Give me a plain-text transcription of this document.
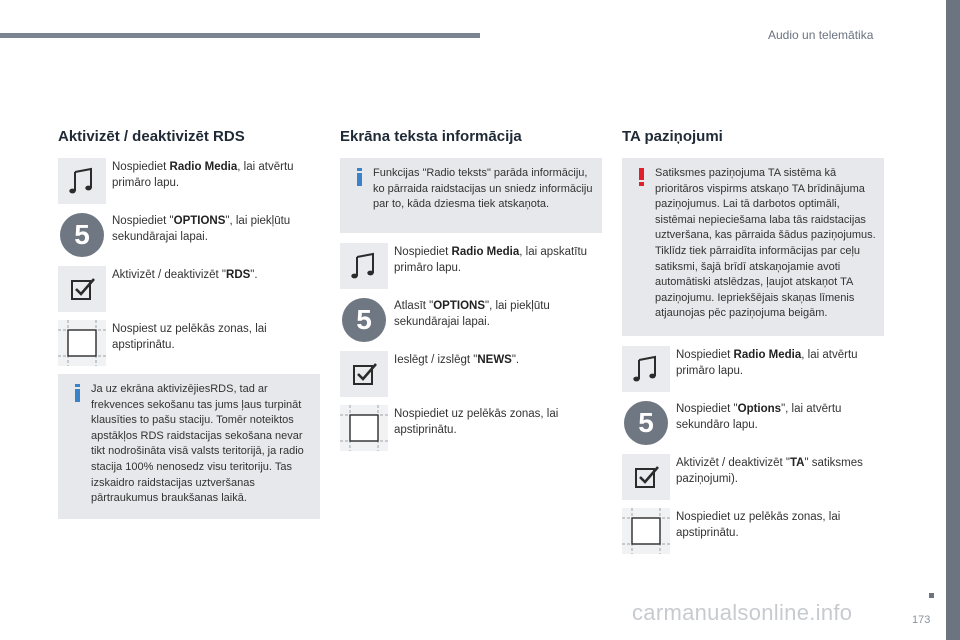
Audio un telemātika
Aktivizēt / deaktivizēt RDS
Nospiediet Radio Media, lai atvērtu primāro lapu.
5	Nospiediet "OPTIONS", lai piekļūtu sekundārajai lapai.
Aktivizēt / deaktivizēt "RDS".
Nospiest uz pelēkās zonas, lai apstiprinātu.
Ja uz ekrāna aktivizējiesRDS, tad ar frekvences sekošanu tas jums ļaus turpināt klausīties to pašu staciju. Tomēr noteiktos apstākļos RDS raidstacijas sekošana nevar tikt nodrošināta visā valsts teritorijā, ja radio stacija 100% nenosedz visu teritoriju. Tas izskaidro raidstacijas uztveršanas pārtraukumus braukšanas laikā.
Ekrāna teksta informācija
Funkcijas "Radio teksts" parāda informāciju, ko pārraida raidstacijas un sniedz informāciju par to, kāda dziesma tiek atskaņota.
Nospiediet Radio Media, lai apskatītu primāro lapu.
5	Atlasīt "OPTIONS", lai piekļūtu sekundārajai lapai.
Ieslēgt / izslēgt "NEWS".
Nospiediet uz pelēkās zonas, lai apstiprinātu.
TA paziņojumi
Satiksmes paziņojuma TA sistēma kā prioritāros vispirms atskaņo TA brīdinājuma paziņojumus. Lai tā darbotos optimāli, sistēmai nepieciešama laba tās raidstacijas uztveršana, kas pārraida šādus paziņojumus. Tiklīdz tiek pārraidīta informācijas par ceļu satiksmi, šajā brīdī atskaņojamie avoti automātiski atslēdzas, ļaujot atskaņot TA paziņojumu. Iepriekšējais skaņas līmenis atjaunojas pēc paziņojuma beigām.
Nospiediet Radio Media, lai atvērtu primāro lapu.
5	Nospiediet "Options", lai atvērtu sekundāro lapu.
Aktivizēt / deaktivizēt "TA" satiksmes paziņojumi).
Nospiediet uz pelēkās zonas, lai apstiprinātu.
173
carmanualsonline.info
